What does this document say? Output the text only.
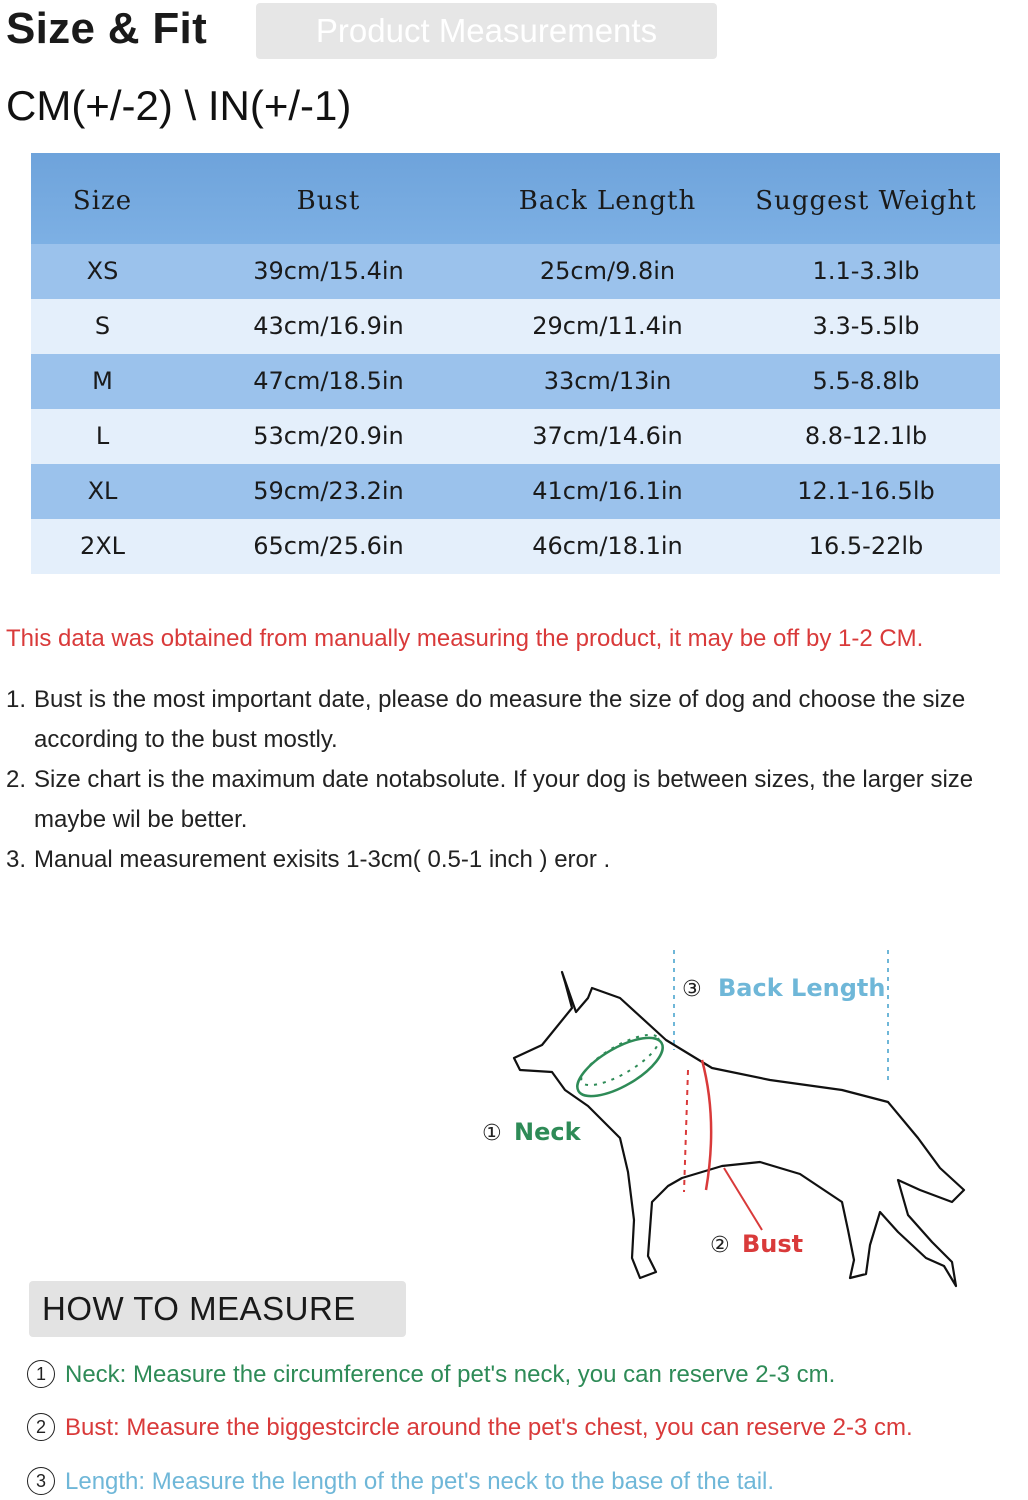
Size & Fit	Product Measurements
CM(+/-2) \ IN(+/-1)
Size	Bust	Back Length	Suggest Weight
XS	39cm/15.4in	25cm/9.8in	1.1-3.3lb
S	43cm/16.9in	29cm/11.4in	3.3-5.5lb
M	47cm/18.5in	33cm/13in	5.5-8.8lb
L	53cm/20.9in	37cm/14.6in	8.8-12.1lb
XL	59cm/23.2in	41cm/16.1in	12.1-16.5lb
2XL	65cm/25.6in	46cm/18.1in	16.5-22lb
This data was obtained from manually measuring the product, it may be off by 1-2 CM.
1. Bust is the most important date, please do measure the size of dog and choose the size according to the bust mostly.
2. Size chart is the maximum date notabsolute. If your dog is between sizes, the larger size maybe wil be better.
3. Manual measurement exisits 1-3cm( 0.5-1 inch ) eror .
③ Back Length
① Neck
② Bust
HOW TO MEASURE
1 Neck: Measure the circumference of pet's neck, you can reserve 2-3 cm.
2 Bust: Measure the biggestcircle around the pet's chest, you can reserve 2-3 cm.
3 Length: Measure the length of the pet's neck to the base of the tail.
